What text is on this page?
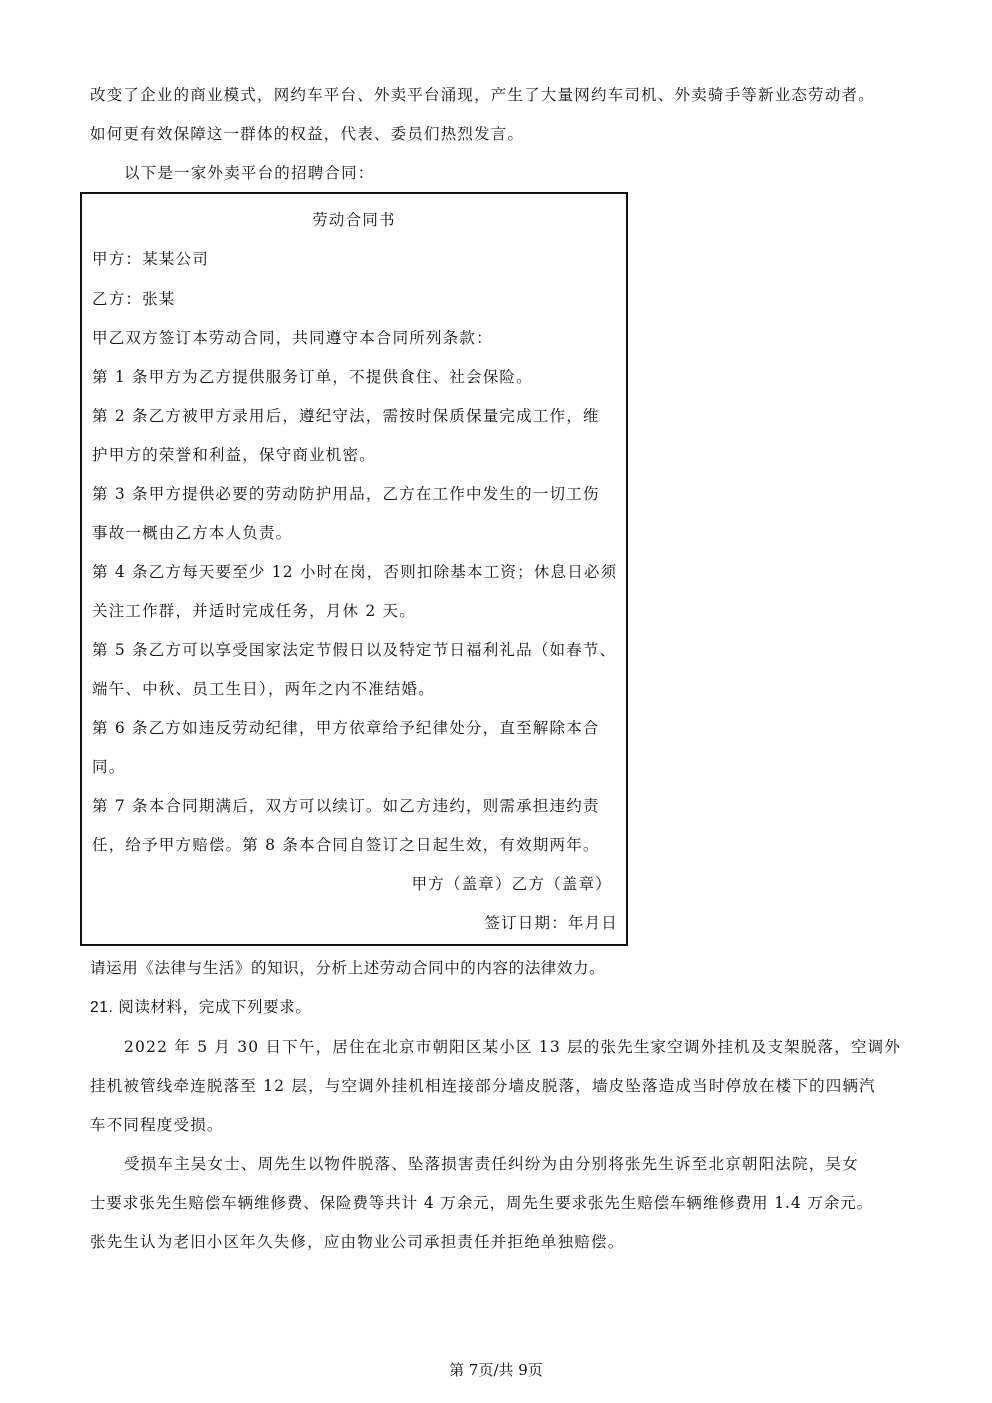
改变了企业的商业模式，网约车平台、外卖平台涌现，产生了大量网约车司机、外卖骑手等新业态劳动者。
如何更有效保障这一群体的权益，代表、委员们热烈发言。
以下是一家外卖平台的招聘合同：
劳动合同书
甲方：某某公司
乙方：张某
甲乙双方签订本劳动合同，共同遵守本合同所列条款：
第 1 条甲方为乙方提供服务订单，不提供食住、社会保险。
第 2 条乙方被甲方录用后，遵纪守法，需按时保质保量完成工作，维
护甲方的荣誉和利益，保守商业机密。
第 3 条甲方提供必要的劳动防护用品，乙方在工作中发生的一切工伤
事故一概由乙方本人负责。
第 4 条乙方每天要至少 12 小时在岗，否则扣除基本工资；休息日必须
关注工作群，并适时完成任务，月休 2 天。
第 5 条乙方可以享受国家法定节假日以及特定节日福利礼品（如春节、
端午、中秋、员工生日），两年之内不准结婚。
第 6 条乙方如违反劳动纪律，甲方依章给予纪律处分，直至解除本合
同。
第 7 条本合同期满后，双方可以续订。如乙方违约，则需承担违约责
任，给予甲方赔偿。第 8 条本合同自签订之日起生效，有效期两年。
甲方（盖章）乙方（盖章）
签订日期：年月日
请运用《法律与生活》的知识，分析上述劳动合同中的内容的法律效力。
21. 阅读材料，完成下列要求。
2022 年 5 月 30 日下午，居住在北京市朝阳区某小区 13 层的张先生家空调外挂机及支架脱落，空调外
挂机被管线牵连脱落至 12 层，与空调外挂机相连接部分墙皮脱落，墙皮坠落造成当时停放在楼下的四辆汽
车不同程度受损。
受损车主吴女士、周先生以物件脱落、坠落损害责任纠纷为由分别将张先生诉至北京朝阳法院，吴女
士要求张先生赔偿车辆维修费、保险费等共计 4 万余元，周先生要求张先生赔偿车辆维修费用 1.4 万余元。
张先生认为老旧小区年久失修，应由物业公司承担责任并拒绝单独赔偿。
第 7页/共 9页
